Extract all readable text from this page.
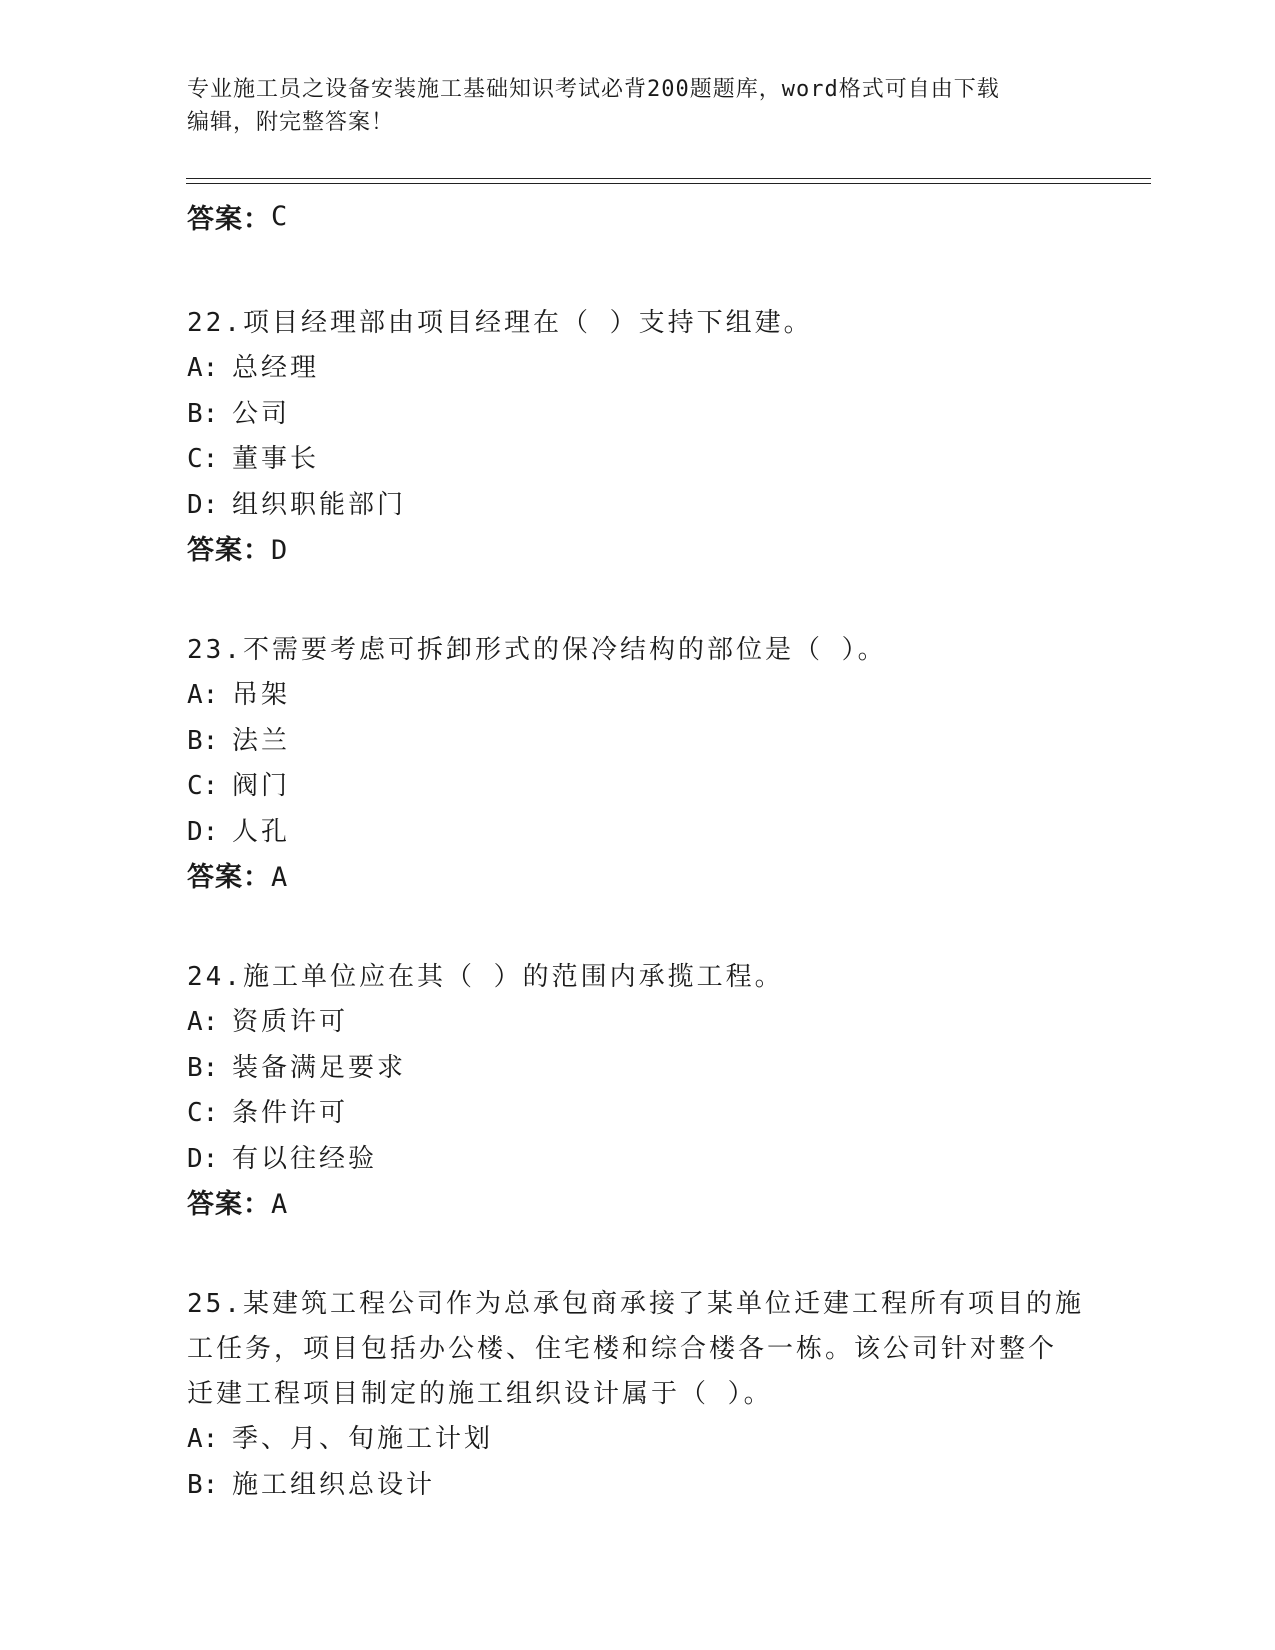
专业施工员之设备安装施工基础知识考试必背200题题库，word格式可自由下载
编辑，附完整答案！
答案： C
22.项目经理部由项目经理在（ ）支持下组建。
A: 总经理
B: 公司
C: 董事长
D: 组织职能部门
答案： D
23.不需要考虑可拆卸形式的保冷结构的部位是（ ）。
A: 吊架
B: 法兰
C: 阀门
D: 人孔
答案： A
24.施工单位应在其（ ）的范围内承揽工程。
A: 资质许可
B: 装备满足要求
C: 条件许可
D: 有以往经验
答案： A
25.某建筑工程公司作为总承包商承接了某单位迁建工程所有项目的施
工任务，项目包括办公楼、住宅楼和综合楼各一栋。该公司针对整个
迁建工程项目制定的施工组织设计属于（ ）。
A: 季、月、旬施工计划
B: 施工组织总设计
